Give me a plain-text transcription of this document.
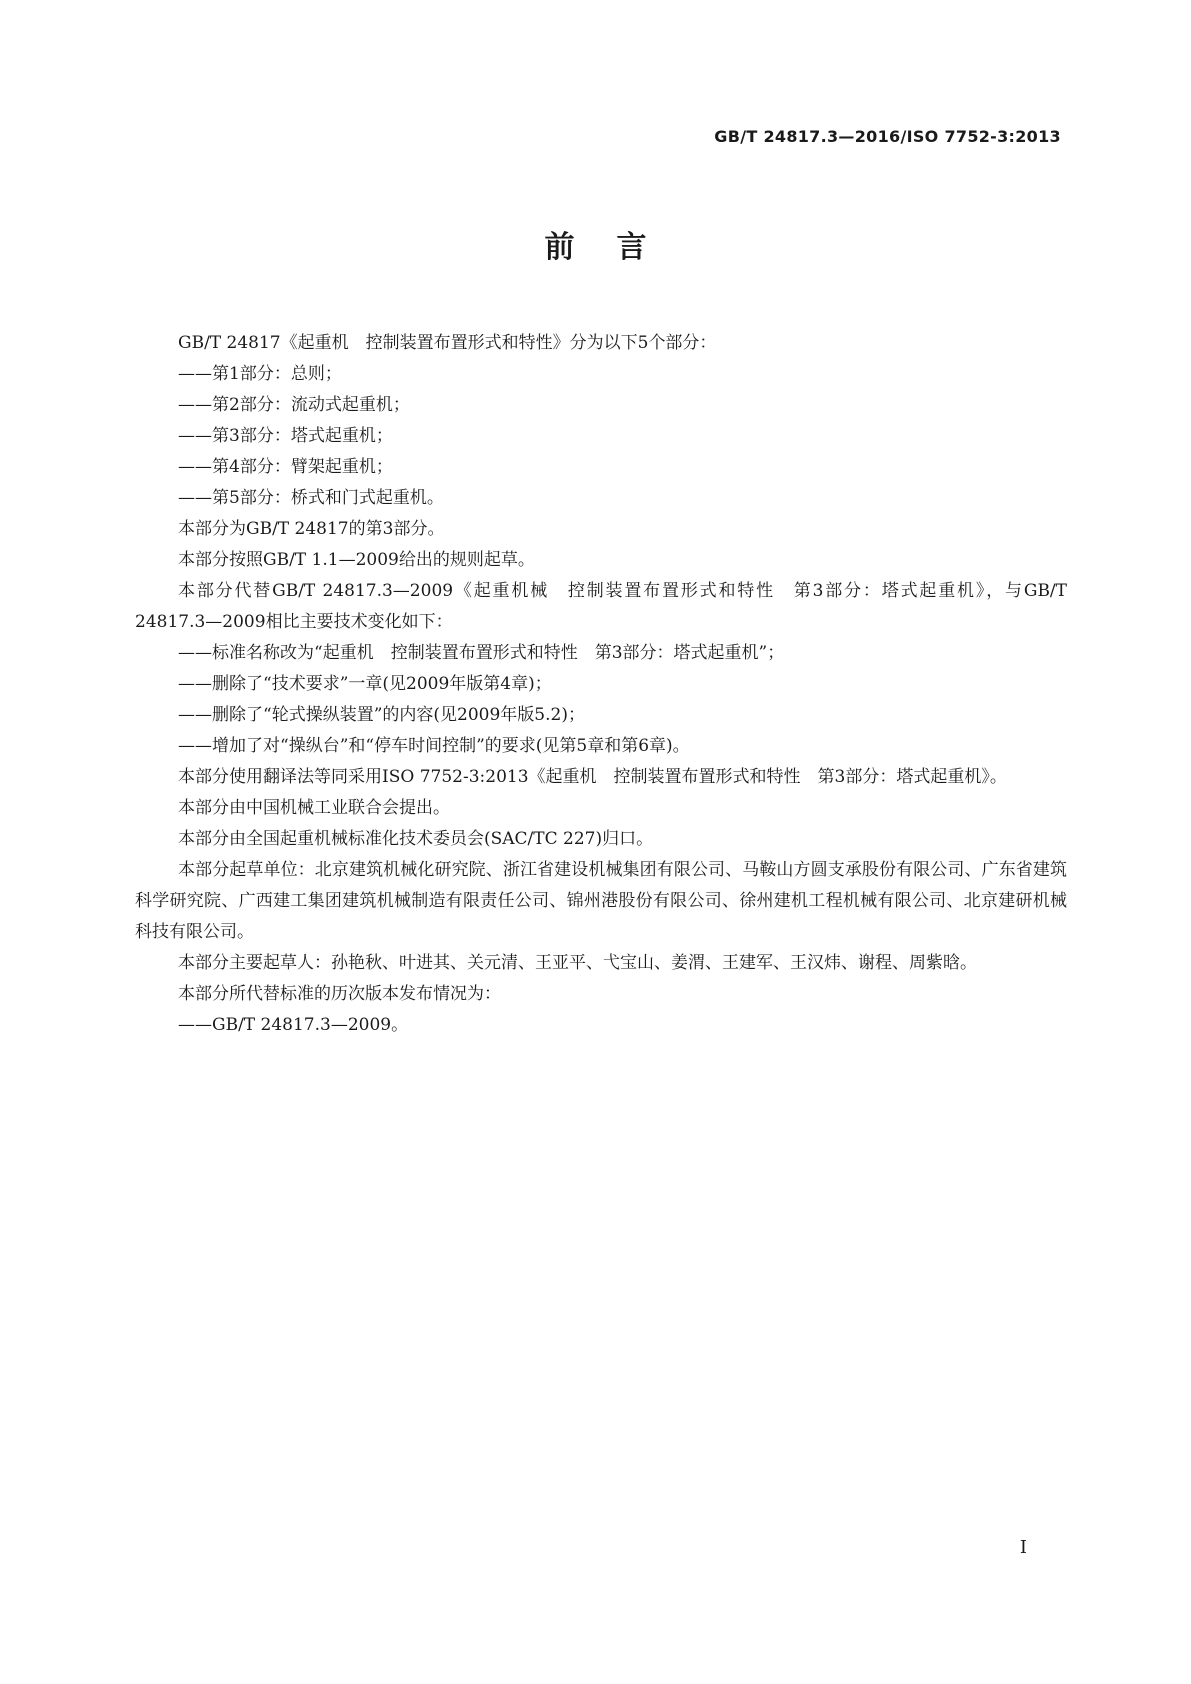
GB/T 24817.3—2016/ISO 7752-3:2013
前言

GB/T 24817《起重机　控制装置布置形式和特性》分为以下5个部分：

——第1部分：总则；

——第2部分：流动式起重机；

——第3部分：塔式起重机；

——第4部分：臂架起重机；

——第5部分：桥式和门式起重机。

本部分为GB/T 24817的第3部分。

本部分按照GB/T 1.1—2009给出的规则起草。

本部分代替GB/T 24817.3—2009《起重机械　控制装置布置形式和特性　第3部分：塔式起重机》，与GB/T 24817.3—2009相比主要技术变化如下：

——标准名称改为“起重机　控制装置布置形式和特性　第3部分：塔式起重机”；

——删除了“技术要求”一章(见2009年版第4章)；

——删除了“轮式操纵装置”的内容(见2009年版5.2)；

——增加了对“操纵台”和“停车时间控制”的要求(见第5章和第6章)。

本部分使用翻译法等同采用ISO 7752-3:2013《起重机　控制装置布置形式和特性　第3部分：塔式起重机》。

本部分由中国机械工业联合会提出。

本部分由全国起重机械标准化技术委员会(SAC/TC 227)归口。

本部分起草单位：北京建筑机械化研究院、浙江省建设机械集团有限公司、马鞍山方圆支承股份有限公司、广东省建筑科学研究院、广西建工集团建筑机械制造有限责任公司、锦州港股份有限公司、徐州建机工程机械有限公司、北京建研机械科技有限公司。

本部分主要起草人：孙艳秋、叶进其、关元清、王亚平、弋宝山、姜渭、王建军、王汉炜、谢程、周紫晗。

本部分所代替标准的历次版本发布情况为：

——GB/T 24817.3—2009。

I
